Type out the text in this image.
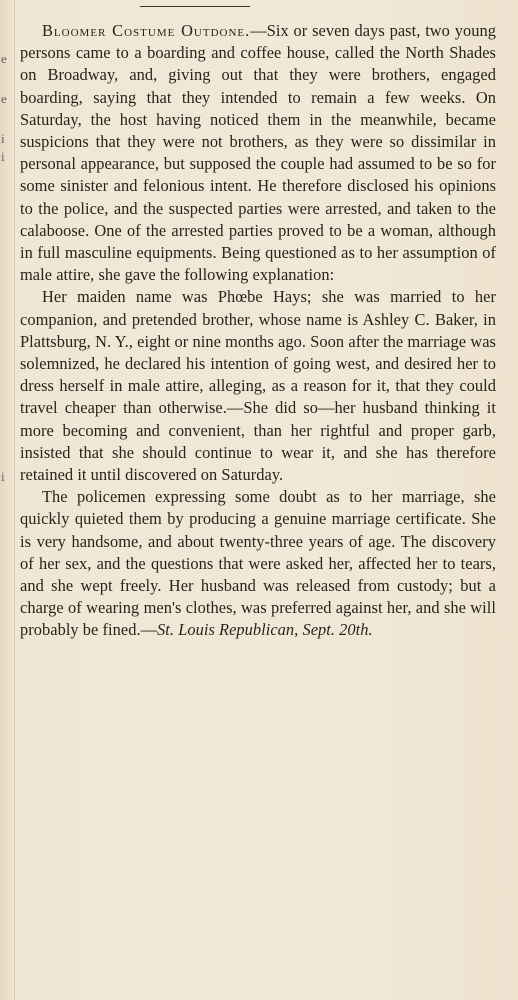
e
e
i
i
i

Bloomer Costume Outdone.—Six or seven days past, two young persons came to a boarding and coffee house, called the North Shades on Broadway, and, giving out that they were brothers, engaged boarding, saying that they intended to remain a few weeks. On Saturday, the host having noticed them in the meanwhile, became suspicions that they were not brothers, as they were so dissimilar in personal appearance, but supposed the couple had assumed to be so for some sinister and felonious intent. He therefore disclosed his opinions to the police, and the suspected parties were arrested, and taken to the calaboose. One of the arrested parties proved to be a woman, although in full masculine equipments. Being questioned as to her assumption of male attire, she gave the following explanation:

Her maiden name was Phœbe Hays; she was married to her companion, and pretended brother, whose name is Ashley C. Baker, in Plattsburg, N. Y., eight or nine months ago. Soon after the marriage was solemnized, he declared his intention of going west, and desired her to dress herself in male attire, alleging, as a reason for it, that they could travel cheaper than otherwise.—She did so—her husband thinking it more becoming and convenient, than her rightful and proper garb, insisted that she should continue to wear it, and she has therefore retained it until discovered on Saturday.

The policemen expressing some doubt as to her marriage, she quickly quieted them by producing a genuine marriage certificate. She is very handsome, and about twenty-three years of age. The discovery of her sex, and the questions that were asked her, affected her to tears, and she wept freely. Her husband was released from custody; but a charge of wearing men's clothes, was preferred against her, and she will probably be fined.—St. Louis Republican, Sept. 20th.
